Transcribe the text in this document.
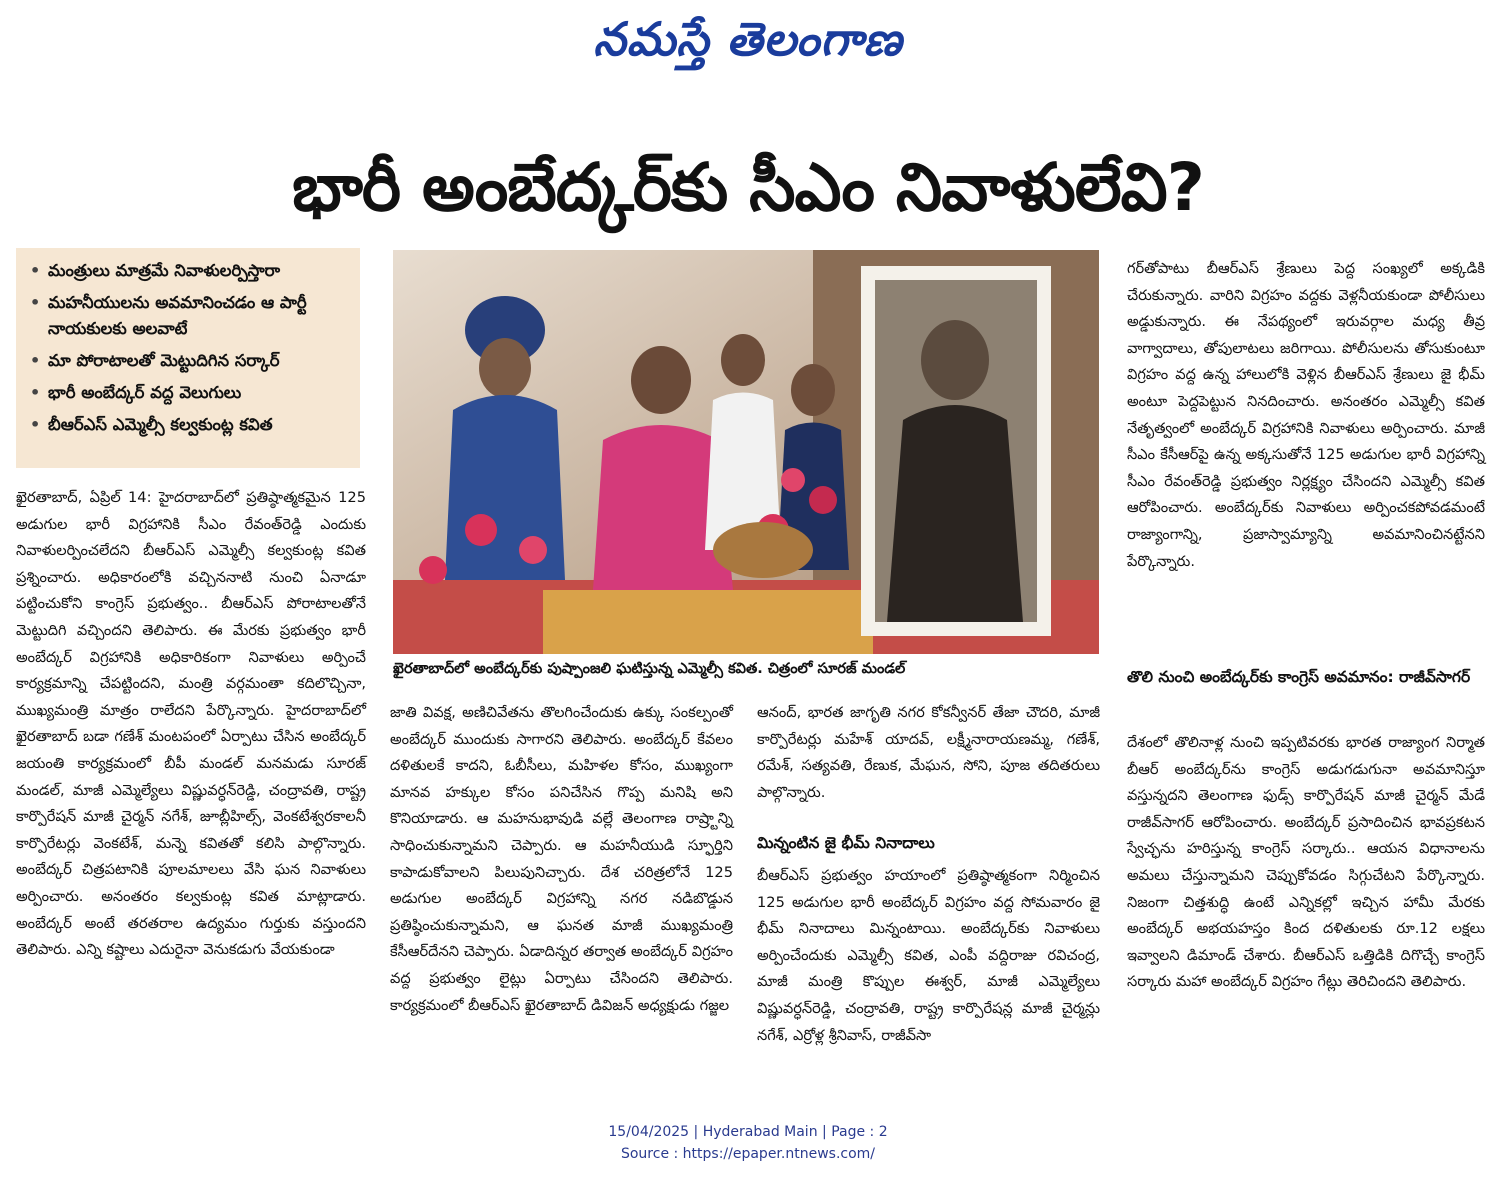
నమస్తే తెలంగాణ
భారీ అంబేద్కర్‌కు సీఎం నివాళులేవి?
• మంత్రులు మాత్రమే నివాళులర్పిస్తారా
• మహనీయులను అవమానించడం ఆ పార్టీ నాయకులకు అలవాటే
• మా పోరాటాలతో మెట్టుదిగిన సర్కార్
• భారీ అంబేద్కర్ వద్ద వెలుగులు
• బీఆర్ఎస్ ఎమ్మెల్సీ కల్వకుంట్ల కవిత
ఖైరతాబాద్‌లో అంబేద్కర్‌కు పుష్పాంజలి ఘటిస్తున్న ఎమ్మెల్సీ కవిత. చిత్రంలో సూరజ్ మండల్

ఖైరతాబాద్, ఏప్రిల్ 14: హైదరాబాద్‌లో ప్రతిష్ఠాత్మకమైన 125 అడుగుల భారీ విగ్రహానికి సీఎం రేవంత్‌రెడ్డి ఎందుకు నివాళులర్పించలేదని బీఆర్ఎస్ ఎమ్మెల్సీ కల్వకుంట్ల కవిత ప్రశ్నించారు. అధికారంలోకి వచ్చిననాటి నుంచి ఏనాడూ పట్టించుకోని కాంగ్రెస్ ప్రభుత్వం.. బీఆర్ఎస్ పోరాటాలతోనే మెట్టుదిగి వచ్చిందని తెలిపారు. ఈ మేరకు ప్రభుత్వం భారీ అంబేద్కర్ విగ్రహానికి అధికారికంగా నివాళులు అర్పించే కార్యక్రమాన్ని చేపట్టిందని, మంత్రి వర్గమంతా కదిలొచ్చినా, ముఖ్యమంత్రి మాత్రం రాలేదని పేర్కొన్నారు. హైదరాబాద్‌లో ఖైరతాబాద్ బడా గణేశ్ మంటపంలో ఏర్పాటు చేసిన అంబేద్కర్ జయంతి కార్యక్రమంలో బీపీ మండల్ మనమడు సూరజ్ మండల్, మాజీ ఎమ్మెల్యేలు విష్ణువర్ధన్‌రెడ్డి, చంద్రావతి, రాష్ట్ర కార్పొరేషన్ మాజీ చైర్మన్ నగేశ్, జూబ్లీహిల్స్, వెంకటేశ్వరకాలనీ కార్పొరేటర్లు వెంకటేశ్, మన్నె కవితతో కలిసి పాల్గొన్నారు. అంబేద్కర్ చిత్రపటానికి పూలమాలలు వేసి ఘన నివాళులు అర్పించారు. అనంతరం కల్వకుంట్ల కవిత మాట్లాడారు. అంబేద్కర్ అంటే తరతరాల ఉద్యమం గుర్తుకు వస్తుందని తెలిపారు. ఎన్ని కష్టాలు ఎదురైనా వెనుకడుగు వేయకుండా

జాతి వివక్ష, అణిచివేతను తొలగించేందుకు ఉక్కు సంకల్పంతో అంబేద్కర్ ముందుకు సాగారని తెలిపారు. అంబేద్కర్ కేవలం దళితులకే కాదని, ఓబీసీలు, మహిళల కోసం, ముఖ్యంగా మానవ హక్కుల కోసం పనిచేసిన గొప్ప మనిషి అని కొనియాడారు. ఆ మహనుభావుడి వల్లే తెలంగాణ రాష్ర్టాన్ని సాధించుకున్నామని చెప్పారు. ఆ మహనీయుడి స్ఫూర్తిని కాపాడుకోవాలని పిలుపునిచ్చారు. దేశ చరిత్రలోనే 125 అడుగుల అంబేద్కర్ విగ్రహాన్ని నగర నడిబొడ్డున ప్రతిష్ఠించుకున్నామని, ఆ ఘనత మాజీ ముఖ్యమంత్రి కేసీఆర్‌దేనని చెప్పారు. ఏడాదిన్నర తర్వాత అంబేద్కర్ విగ్రహం వద్ద ప్రభుత్వం లైట్లు ఏర్పాటు చేసిందని తెలిపారు. కార్యక్రమంలో బీఆర్ఎస్ ఖైరతాబాద్ డివిజన్ అధ్యక్షుడు గజ్జల

ఆనంద్, భారత జాగృతి నగర కోకన్వీనర్ తేజా చౌదరి, మాజీ కార్పొరేటర్లు మహేశ్ యాదవ్, లక్ష్మీనారాయణమ్మ, గణేశ్, రమేశ్, సత్యవతి, రేణుక, మేఘన, సోని, పూజ తదితరులు పాల్గొన్నారు.

మిన్నంటిన జై భీమ్ నినాదాలు

బీఆర్ఎస్ ప్రభుత్వం హయాంలో ప్రతిష్ఠాత్మకంగా నిర్మించిన 125 అడుగుల భారీ అంబేద్కర్ విగ్రహం వద్ద సోమవారం జై భీమ్ నినాదాలు మిన్నంటాయి. అంబేద్కర్‌కు నివాళులు అర్పించేందుకు ఎమ్మెల్సీ కవిత, ఎంపీ వద్దిరాజు రవిచంద్ర, మాజీ మంత్రి కొప్పుల ఈశ్వర్, మాజీ ఎమ్మెల్యేలు విష్ణువర్ధన్‌రెడ్డి, చంద్రావతి, రాష్ట్ర కార్పొరేషన్ల మాజీ చైర్మన్లు నగేశ్, ఎర్రోళ్ల శ్రీనివాస్, రాజీవ్‌సా

గర్‌తోపాటు బీఆర్ఎస్ శ్రేణులు పెద్ద సంఖ్యలో అక్కడికి చేరుకున్నారు. వారిని విగ్రహం వద్దకు వెళ్లనీయకుండా పోలీసులు అడ్డుకున్నారు. ఈ నేపథ్యంలో ఇరువర్గాల మధ్య తీవ్ర వాగ్వాదాలు, తోపులాటలు జరిగాయి. పోలీసులను తోసుకుంటూ విగ్రహం వద్ద ఉన్న హాలులోకి వెళ్లిన బీఆర్ఎస్ శ్రేణులు జై భీమ్ అంటూ పెద్దపెట్టున నినదించారు. అనంతరం ఎమ్మెల్సీ కవిత నేతృత్వంలో అంబేద్కర్ విగ్రహానికి నివాళులు అర్పించారు. మాజీ సీఎం కేసీఆర్‌పై ఉన్న అక్కసుతోనే 125 అడుగుల భారీ విగ్రహాన్ని సీఎం రేవంత్‌రెడ్డి ప్రభుత్వం నిర్లక్ష్యం చేసిందని ఎమ్మెల్సీ కవిత ఆరోపించారు. అంబేద్కర్‌కు నివాళులు అర్పించకపోవడమంటే రాజ్యాంగాన్ని, ప్రజాస్వామ్యాన్ని అవమానించినట్టేనని పేర్కొన్నారు.

తొలి నుంచి అంబేద్కర్‌కు కాంగ్రెస్ అవమానం: రాజీవ్‌సాగర్

దేశంలో తొలినాళ్ల నుంచి ఇప్పటివరకు భారత రాజ్యాంగ నిర్మాత బీఆర్ అంబేద్కర్‌ను కాంగ్రెస్ అడుగడుగునా అవమానిస్తూ వస్తున్నదని తెలంగాణ ఫుడ్స్ కార్పొరేషన్ మాజీ చైర్మన్ మేడే రాజీవ్‌సాగర్ ఆరోపించారు. అంబేద్కర్ ప్రసాదించిన భావప్రకటన స్వేచ్ఛను హరిస్తున్న కాంగ్రెస్ సర్కారు.. ఆయన విధానాలను అమలు చేస్తున్నామని చెప్పుకోవడం సిగ్గుచేటని పేర్కొన్నారు. నిజంగా చిత్తశుద్ధి ఉంటే ఎన్నికల్లో ఇచ్చిన హామీ మేరకు అంబేద్కర్ అభయహస్తం కింద దళితులకు రూ.12 లక్షలు ఇవ్వాలని డిమాండ్ చేశారు. బీఆర్ఎస్ ఒత్తిడికి దిగొచ్చే కాంగ్రెస్ సర్కారు మహా అంబేద్కర్ విగ్రహం గేట్లు తెరిచిందని తెలిపారు.

15/04/2025 | Hyderabad Main | Page : 2
Source : https://epaper.ntnews.com/
